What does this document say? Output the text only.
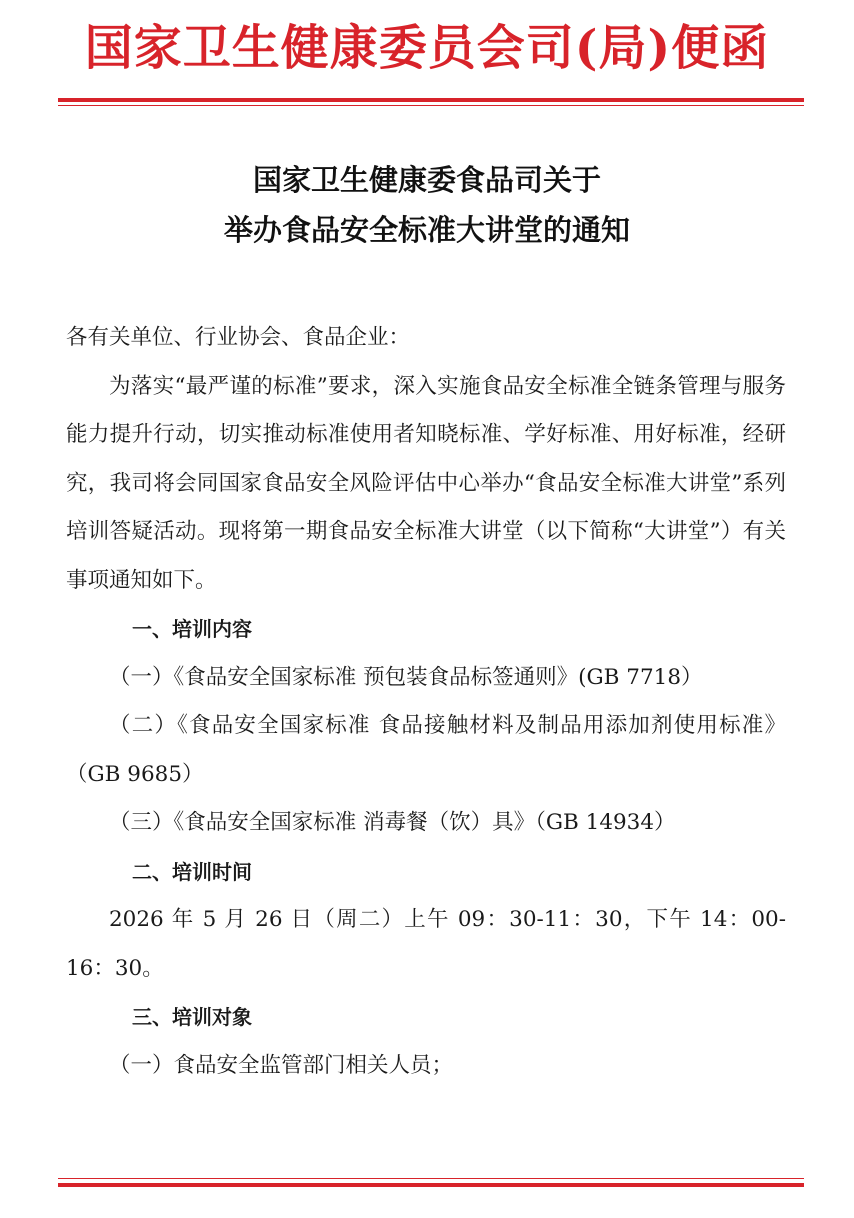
国家卫生健康委员会司(局)便函
国家卫生健康委食品司关于
举办食品安全标准大讲堂的通知

各有关单位、行业协会、食品企业：

为落实“最严谨的标准”要求，深入实施食品安全标准全链条管理与服务能力提升行动，切实推动标准使用者知晓标准、学好标准、用好标准，经研究，我司将会同国家食品安全风险评估中心举办“食品安全标准大讲堂”系列培训答疑活动。现将第一期食品安全标准大讲堂（以下简称“大讲堂”）有关事项通知如下。

一、培训内容

（一）《食品安全国家标准 预包装食品标签通则》(GB 7718）

（二）《食品安全国家标准 食品接触材料及制品用添加剂使用标准》（GB 9685）

（三）《食品安全国家标准 消毒餐（饮）具》（GB 14934）

二、培训时间

2026 年 5 月 26 日（周二）上午 09：30-11：30，下午 14：00-16：30。

三、培训对象

（一）食品安全监管部门相关人员；
